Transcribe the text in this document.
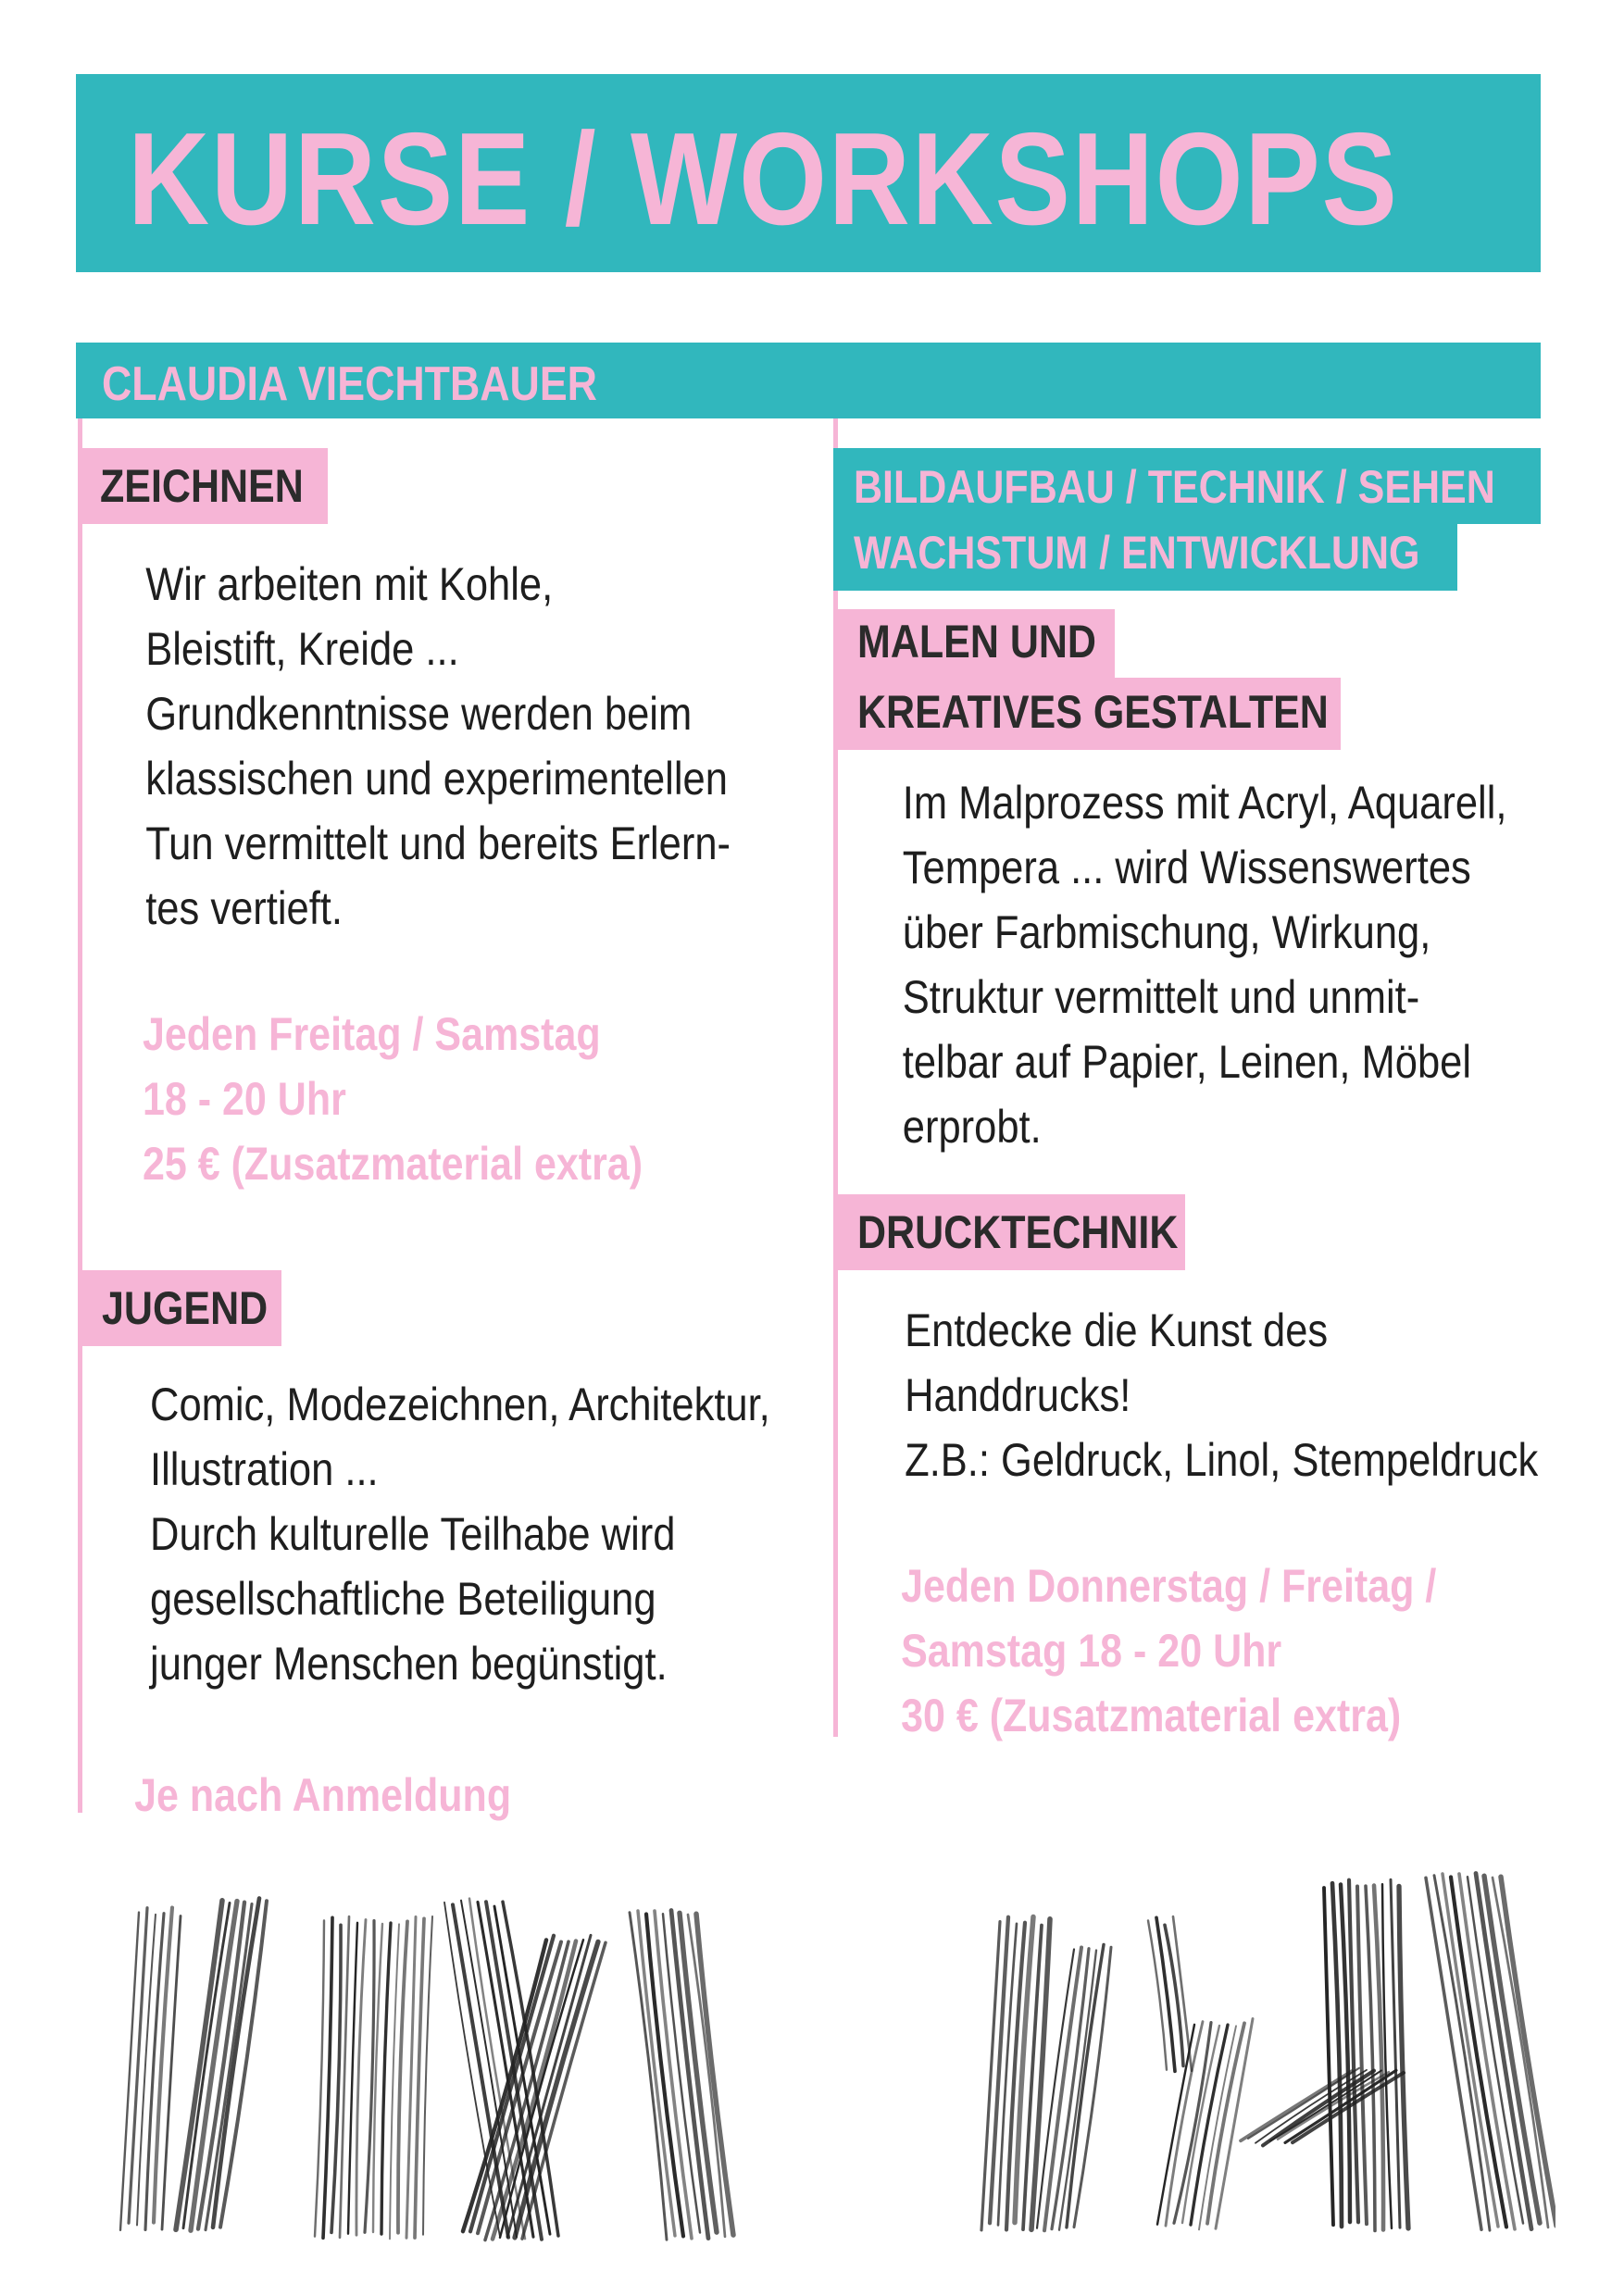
KURSE / WORKSHOPS
CLAUDIA VIECHTBAUER
ZEICHNEN
Wir arbeiten mit Kohle,
Bleistift, Kreide ...
Grundkenntnisse werden beim
klassischen und experimentellen
Tun vermittelt und bereits Erlern-
tes vertieft.
Jeden Freitag / Samstag
18 - 20 Uhr
25 € (Zusatzmaterial extra)
JUGEND
Comic, Modezeichnen, Architektur,
Illustration ...
Durch kulturelle Teilhabe wird
gesellschaftliche Beteiligung
junger Menschen begünstigt.
Je nach Anmeldung
BILDAUFBAU / TECHNIK / SEHEN
WACHSTUM / ENTWICKLUNG
MALEN UND
KREATIVES GESTALTEN
Im Malprozess mit Acryl, Aquarell,
Tempera ... wird Wissenswertes
über Farbmischung, Wirkung,
Struktur vermittelt und unmit-
telbar auf Papier, Leinen, Möbel
erprobt.
DRUCKTECHNIK
Entdecke die Kunst des
Handdrucks!
Z.B.: Geldruck, Linol, Stempeldruck
Jeden Donnerstag / Freitag /
Samstag 18 - 20 Uhr
30 € (Zusatzmaterial extra)
